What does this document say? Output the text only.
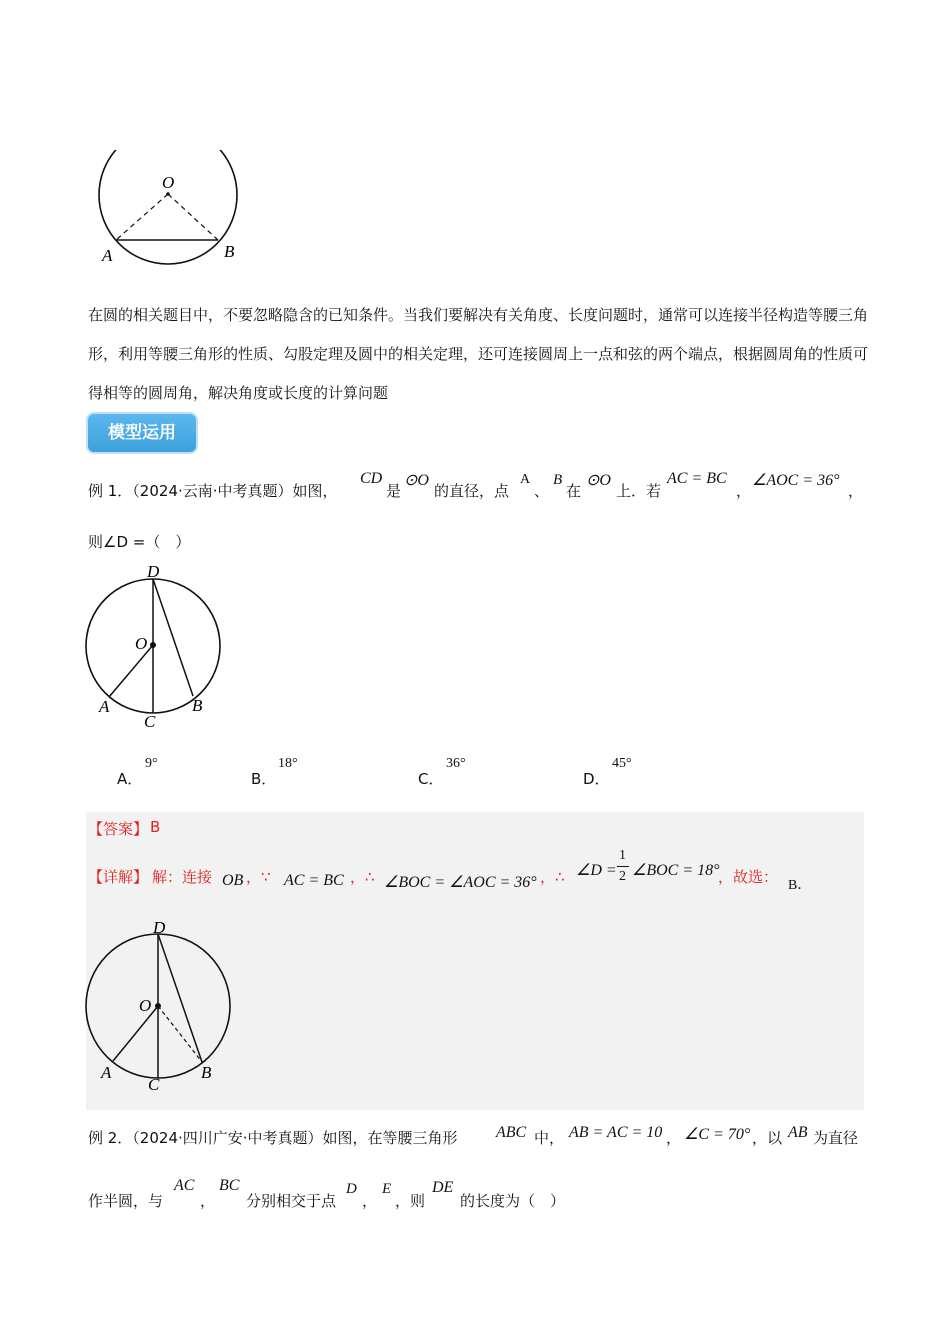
O
A	B
在圆的相关题目中，不要忽略隐含的已知条件。当我们要解决有关角度、长度问题时，通常可以连接半径构造等腰三角形，利用等腰三角形的性质、勾股定理及圆中的相关定理，还可连接圆周上一点和弦的两个端点，根据圆周角的性质可得相等的圆周角，解决角度或长度的计算问题
模型运用
例 1．（2024·云南·中考真题）如图，
CD
是
⊙O
的直径，点
A
、
B
在
⊙O
上．若
AC = BC
，
∠AOC = 36°
，
则∠D =（　）
D
O
A
C
B
A．
9°
B．
18°
C．
36°
D．
45°
【答案】 B
【详解】 解：连接 OB ，∵ AC = BC ，∴ ∠BOC = ∠AOC = 36° ，∴ ∠D =
1
2 ∠BOC = 18°
，故选： B．
D
O
A
C
B
例 2．（2024·四川广安·中考真题）如图，在等腰三角形 ABC 中， AB = AC = 10 ， ∠C = 70° ，以 AB 为直径
作半圆，与
AC
，
BC
分别相交于点
D
，
E
，则
DE
的长度为（　）
